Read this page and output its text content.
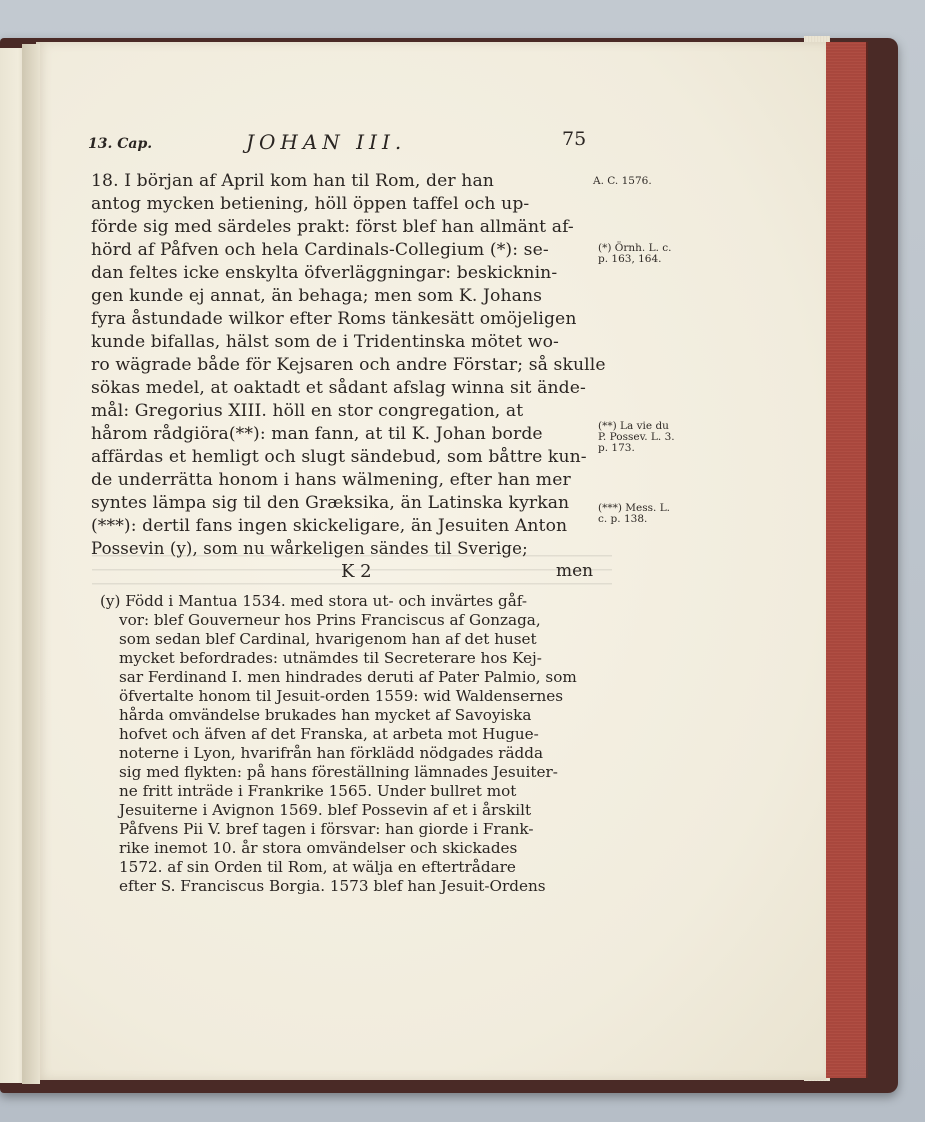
13. Cap.	JOHAN III.	75
18. I början af April kom han til Rom, der han
antog mycken betiening, höll öppen taffel och up-
förde sig med särdeles prakt: först blef han allmänt af-
hörd af Påfven och hela Cardinals-Collegium (*): se-
dan feltes icke enskylta öfverläggningar: beskicknin-
gen kunde ej annat, än behaga; men som K. Johans
fyra åstundade wilkor efter Roms tänkesätt omöjeligen
kunde bifallas, hälst som de i Tridentinska mötet wo-
ro wägrade både för Kejsaren och andre Förstar; så skulle
sökas medel, at oaktadt et sådant afslag winna sit ände-
mål: Gregorius XIII. höll en stor congregation, at
hårom rådgiöra(**): man fann, at til K. Johan borde
affärdas et hemligt och slugt sändebud, som båttre kun-
de underrätta honom i hans wälmening, efter han mer
syntes lämpa sig til den Græksika, än Latinska kyrkan
(***): dertil fans ingen skickeligare, än Jesuiten Anton
Possevin (y), som nu wårkeligen sändes til Sverige;
A. C. 1576.
(*) Örnh. L. c. p. 163, 164.
(**) La vie du P. Possev. L. 3. p. 173.
(***) Mess. L. c. p. 138.
K 2	men
(y) Född i Mantua 1534. med stora ut- och invärtes gåf-
vor: blef Gouverneur hos Prins Franciscus af Gonzaga,
som sedan blef Cardinal, hvarigenom han af det huset
mycket befordrades: utnämdes til Secreterare hos Kej-
sar Ferdinand I. men hindrades deruti af Pater Palmio, som
öfvertalte honom til Jesuit-orden 1559: wid Waldensernes
hårda omvändelse brukades han mycket af Savoyiska
hofvet och äfven af det Franska, at arbeta mot Hugue-
noterne i Lyon, hvarifrån han förklädd nödgades rädda
sig med flykten: på hans föreställning lämnades Jesuiter-
ne fritt inträde i Frankrike 1565. Under bullret mot
Jesuiterne i Avignon 1569. blef Possevin af et i årskilt
Påfvens Pii V. bref tagen i försvar: han giorde i Frank-
rike inemot 10. år stora omvändelser och skickades
1572. af sin Orden til Rom, at wälja en eftertrådare
efter S. Franciscus Borgia. 1573 blef han Jesuit-Ordens
